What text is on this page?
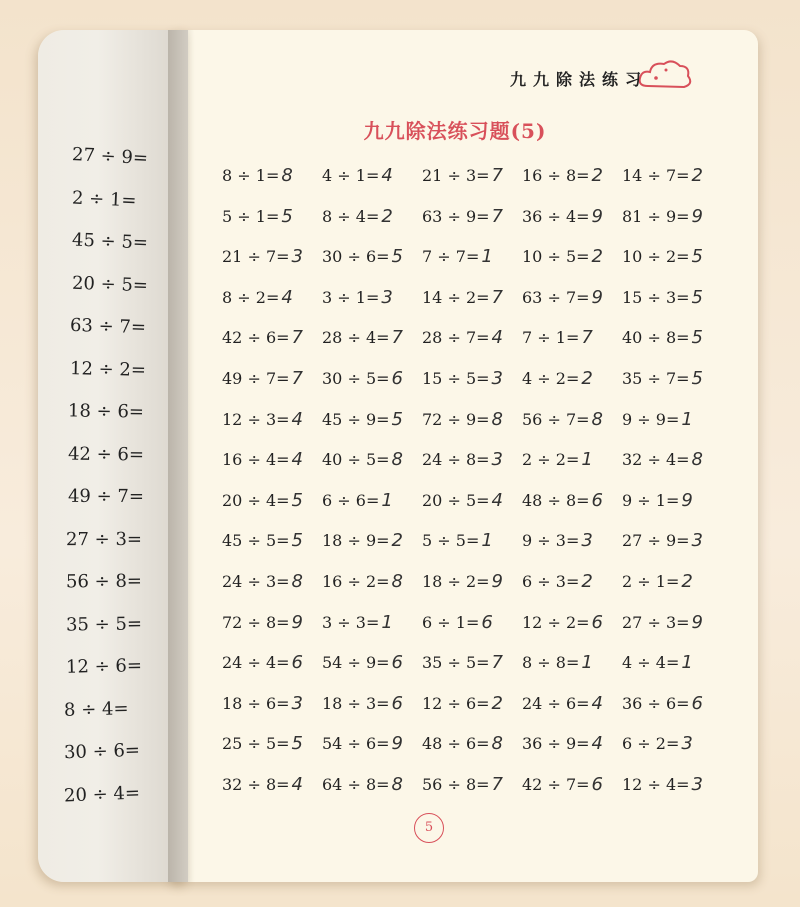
九九除法练习
九九除法练习题(5)
8 ÷ 1= 8 4 ÷ 1= 4 21 ÷ 3= 7 16 ÷ 8= 2 14 ÷ 7= 2
5 ÷ 1= 5 8 ÷ 4= 2 63 ÷ 9= 7 36 ÷ 4= 9 81 ÷ 9= 9
21 ÷ 7= 3 30 ÷ 6= 5 7 ÷ 7= 1 10 ÷ 5= 2 10 ÷ 2= 5
8 ÷ 2= 4 3 ÷ 1= 3 14 ÷ 2= 7 63 ÷ 7= 9 15 ÷ 3= 5
42 ÷ 6= 7 28 ÷ 4= 7 28 ÷ 7= 4 7 ÷ 1= 7 40 ÷ 8= 5
49 ÷ 7= 7 30 ÷ 5= 6 15 ÷ 5= 3 4 ÷ 2= 2 35 ÷ 7= 5
12 ÷ 3= 4 45 ÷ 9= 5 72 ÷ 9= 8 56 ÷ 7= 8 9 ÷ 9= 1
16 ÷ 4= 4 40 ÷ 5= 8 24 ÷ 8= 3 2 ÷ 2= 1 32 ÷ 4= 8
20 ÷ 4= 5 6 ÷ 6= 1 20 ÷ 5= 4 48 ÷ 8= 6 9 ÷ 1= 9
45 ÷ 5= 5 18 ÷ 9= 2 5 ÷ 5= 1 9 ÷ 3= 3 27 ÷ 9= 3
24 ÷ 3= 8 16 ÷ 2= 8 18 ÷ 2= 9 6 ÷ 3= 2 2 ÷ 1= 2
72 ÷ 8= 9 3 ÷ 3= 1 6 ÷ 1= 6 12 ÷ 2= 6 27 ÷ 3= 9
24 ÷ 4= 6 54 ÷ 9= 6 35 ÷ 5= 7 8 ÷ 8= 1 4 ÷ 4= 1
18 ÷ 6= 3 18 ÷ 3= 6 12 ÷ 6= 2 24 ÷ 6= 4 36 ÷ 6= 6
25 ÷ 5= 5 54 ÷ 6= 9 48 ÷ 6= 8 36 ÷ 9= 4 6 ÷ 2= 3
32 ÷ 8= 4 64 ÷ 8= 8 56 ÷ 8= 7 42 ÷ 7= 6 12 ÷ 4= 3
27 ÷ 9=
2 ÷ 1=
45 ÷ 5=
20 ÷ 5=
63 ÷ 7=
12 ÷ 2=
18 ÷ 6=
42 ÷ 6=
49 ÷ 7=
27 ÷ 3=
56 ÷ 8=
35 ÷ 5=
12 ÷ 6=
8 ÷ 4=
30 ÷ 6=
20 ÷ 4=
5
